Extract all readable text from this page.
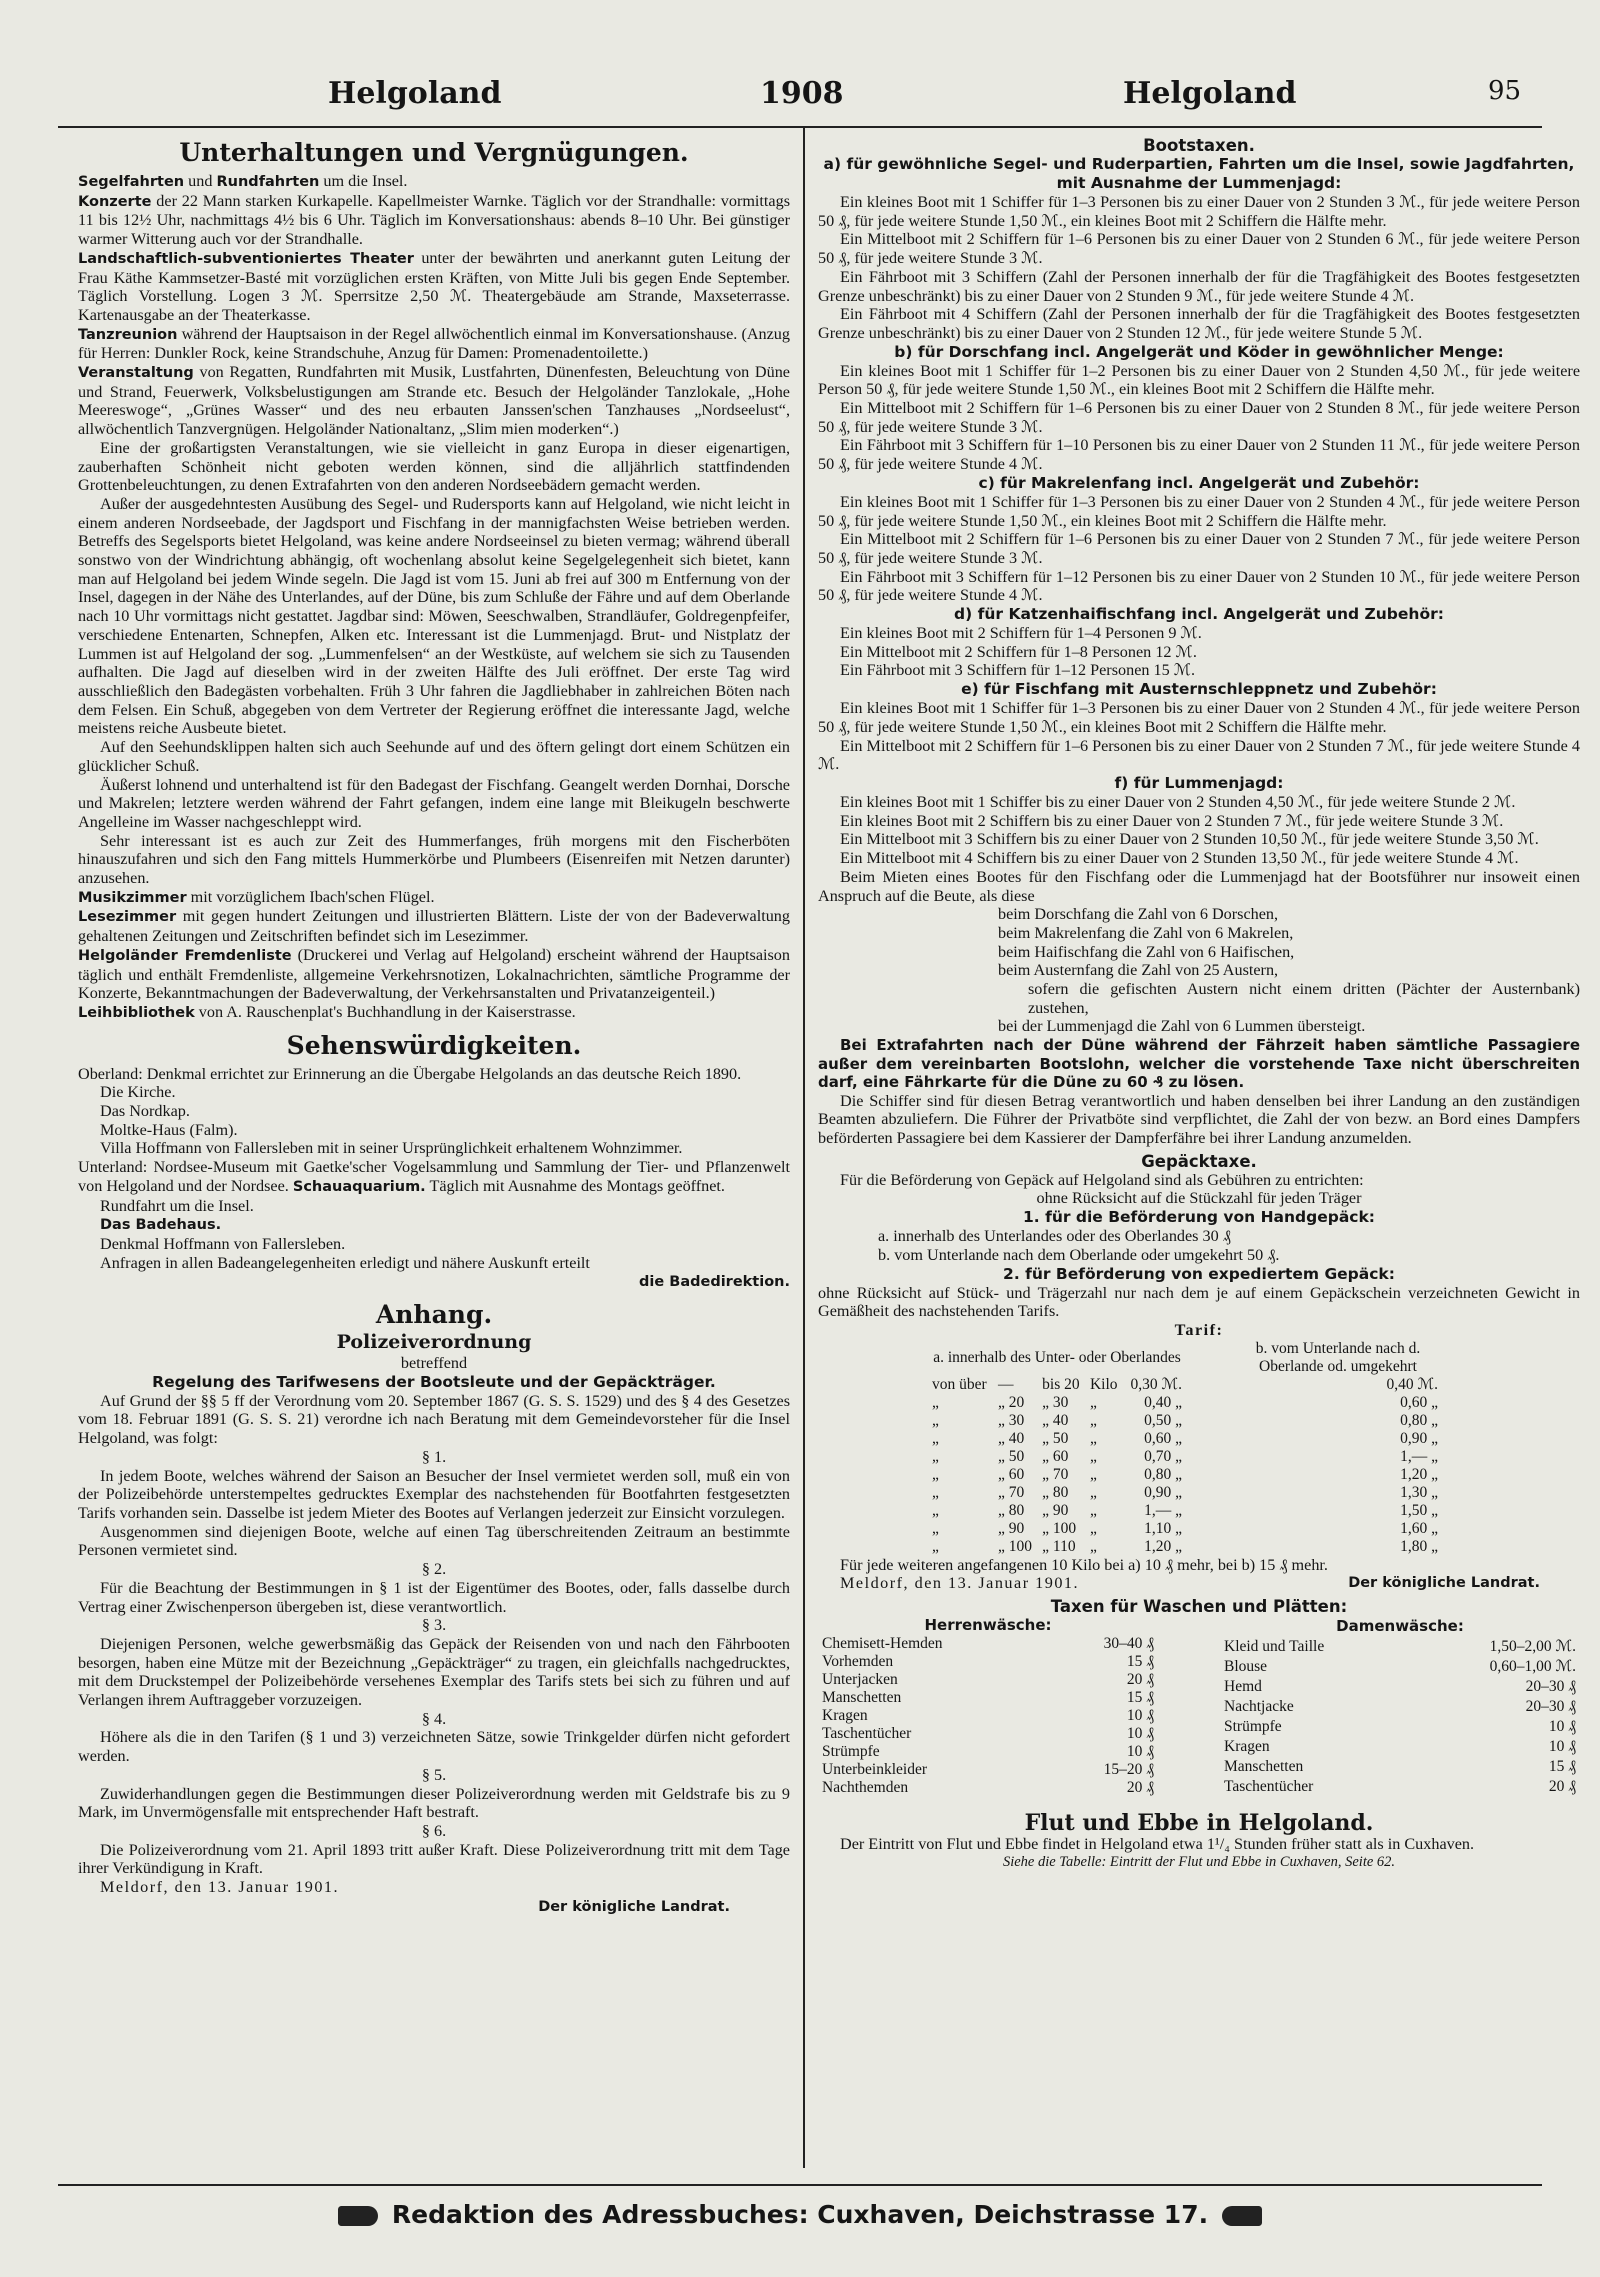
Helgoland	1908	Helgoland	95
Unterhaltungen und Vergnügungen.

Segelfahrten und Rundfahrten um die Insel.

Konzerte der 22 Mann starken Kurkapelle. Kapellmeister Warnke. Täglich vor der Strandhalle: vormittags 11 bis 12½ Uhr, nachmittags 4½ bis 6 Uhr. Täglich im Konversationshaus: abends 8–10 Uhr. Bei günstiger warmer Witterung auch vor der Strandhalle.

Landschaftlich-subventioniertes Theater unter der bewährten und anerkannt guten Leitung der Frau Käthe Kammsetzer-Basté mit vorzüglichen ersten Kräften, von Mitte Juli bis gegen Ende September. Täglich Vorstellung. Logen 3 ℳ. Sperrsitze 2,50 ℳ. Theatergebäude am Strande, Maxseterrasse. Kartenausgabe an der Theaterkasse.

Tanzreunion während der Hauptsaison in der Regel allwöchentlich einmal im Konversationshause. (Anzug für Herren: Dunkler Rock, keine Strandschuhe, Anzug für Damen: Promenadentoilette.)

Veranstaltung von Regatten, Rundfahrten mit Musik, Lustfahrten, Dünenfesten, Beleuchtung von Düne und Strand, Feuerwerk, Volksbelustigungen am Strande etc. Besuch der Helgoländer Tanzlokale, „Hohe Meereswoge“, „Grünes Wasser“ und des neu erbauten Janssen'schen Tanzhauses „Nordseelust“, allwöchentlich Tanzvergnügen. Helgoländer Nationaltanz, „Slim mien moderken“.)

Eine der großartigsten Veranstaltungen, wie sie vielleicht in ganz Europa in dieser eigenartigen, zauberhaften Schönheit nicht geboten werden können, sind die alljährlich stattfindenden Grottenbeleuchtungen, zu denen Extrafahrten von den anderen Nordseebädern gemacht werden.

Außer der ausgedehntesten Ausübung des Segel- und Rudersports kann auf Helgoland, wie nicht leicht in einem anderen Nordseebade, der Jagdsport und Fischfang in der mannigfachsten Weise betrieben werden. Betreffs des Segelsports bietet Helgoland, was keine andere Nordseeinsel zu bieten vermag; während überall sonstwo von der Windrichtung abhängig, oft wochenlang absolut keine Segelgelegenheit sich bietet, kann man auf Helgoland bei jedem Winde segeln. Die Jagd ist vom 15. Juni ab frei auf 300 m Entfernung von der Insel, dagegen in der Nähe des Unterlandes, auf der Düne, bis zum Schluße der Fähre und auf dem Oberlande nach 10 Uhr vormittags nicht gestattet. Jagdbar sind: Möwen, Seeschwalben, Strandläufer, Goldregenpfeifer, verschiedene Entenarten, Schnepfen, Alken etc. Interessant ist die Lummenjagd. Brut- und Nistplatz der Lummen ist auf Helgoland der sog. „Lummenfelsen“ an der Westküste, auf welchem sie sich zu Tausenden aufhalten. Die Jagd auf dieselben wird in der zweiten Hälfte des Juli eröffnet. Der erste Tag wird ausschließlich den Badegästen vorbehalten. Früh 3 Uhr fahren die Jagdliebhaber in zahlreichen Böten nach dem Felsen. Ein Schuß, abgegeben von dem Vertreter der Regierung eröffnet die interessante Jagd, welche meistens reiche Ausbeute bietet.

Auf den Seehundsklippen halten sich auch Seehunde auf und des öftern gelingt dort einem Schützen ein glücklicher Schuß.

Äußerst lohnend und unterhaltend ist für den Badegast der Fischfang. Geangelt werden Dornhai, Dorsche und Makrelen; letztere werden während der Fahrt gefangen, indem eine lange mit Bleikugeln beschwerte Angelleine im Wasser nachgeschleppt wird.

Sehr interessant ist es auch zur Zeit des Hummerfanges, früh morgens mit den Fischerböten hinauszufahren und sich den Fang mittels Hummerkörbe und Plumbeers (Eisenreifen mit Netzen darunter) anzusehen.

Musikzimmer mit vorzüglichem Ibach'schen Flügel.

Lesezimmer mit gegen hundert Zeitungen und illustrierten Blättern. Liste der von der Badeverwaltung gehaltenen Zeitungen und Zeitschriften befindet sich im Lesezimmer.

Helgoländer Fremdenliste (Druckerei und Verlag auf Helgoland) erscheint während der Hauptsaison täglich und enthält Fremdenliste, allgemeine Verkehrsnotizen, Lokalnachrichten, sämtliche Programme der Konzerte, Bekanntmachungen der Badeverwaltung, der Verkehrsanstalten und Privatanzeigenteil.)

Leihbibliothek von A. Rauschenplat's Buchhandlung in der Kaiserstrasse.

Sehenswürdigkeiten.

Oberland: Denkmal errichtet zur Erinnerung an die Übergabe Helgolands an das deutsche Reich 1890.

Die Kirche.

Das Nordkap.

Moltke-Haus (Falm).

Villa Hoffmann von Fallersleben mit in seiner Ursprünglichkeit erhaltenem Wohnzimmer.

Unterland: Nordsee-Museum mit Gaetke'scher Vogelsammlung und Sammlung der Tier- und Pflanzenwelt von Helgoland und der Nordsee. Schauaquarium. Täglich mit Ausnahme des Montags geöffnet.

Rundfahrt um die Insel.

Das Badehaus.

Denkmal Hoffmann von Fallersleben.

Anfragen in allen Badeangelegenheiten erledigt und nähere Auskunft erteilt

die Badedirektion.

Anhang.
Polizeiverordnung

betreffend

Regelung des Tarifwesens der Bootsleute und der Gepäckträger.

Auf Grund der §§ 5 ff der Verordnung vom 20. September 1867 (G. S. S. 1529) und des § 4 des Gesetzes vom 18. Februar 1891 (G. S. S. 21) verordne ich nach Beratung mit dem Gemeindevorsteher für die Insel Helgoland, was folgt:

§ 1.

In jedem Boote, welches während der Saison an Besucher der Insel vermietet werden soll, muß ein von der Polizeibehörde unterstempeltes gedrucktes Exemplar des nachstehenden für Bootfahrten festgesetzten Tarifs vorhanden sein. Dasselbe ist jedem Mieter des Bootes auf Verlangen jederzeit zur Einsicht vorzulegen.

Ausgenommen sind diejenigen Boote, welche auf einen Tag überschreitenden Zeitraum an bestimmte Personen vermietet sind.

§ 2.

Für die Beachtung der Bestimmungen in § 1 ist der Eigentümer des Bootes, oder, falls dasselbe durch Vertrag einer Zwischenperson übergeben ist, diese verantwortlich.

§ 3.

Diejenigen Personen, welche gewerbsmäßig das Gepäck der Reisenden von und nach den Fährbooten besorgen, haben eine Mütze mit der Bezeichnung „Gepäckträger“ zu tragen, ein gleichfalls nachgedrucktes, mit dem Druckstempel der Polizeibehörde versehenes Exemplar des Tarifs stets bei sich zu führen und auf Verlangen ihrem Auftraggeber vorzuzeigen.

§ 4.

Höhere als die in den Tarifen (§ 1 und 3) verzeichneten Sätze, sowie Trinkgelder dürfen nicht gefordert werden.

§ 5.

Zuwiderhandlungen gegen die Bestimmungen dieser Polizeiverordnung werden mit Geldstrafe bis zu 9 Mark, im Unvermögensfalle mit entsprechender Haft bestraft.

§ 6.

Die Polizeiverordnung vom 21. April 1893 tritt außer Kraft. Diese Polizeiverordnung tritt mit dem Tage ihrer Verkündigung in Kraft.

Meldorf, den 13. Januar 1901.

Der königliche Landrat.

Bootstaxen.
a) für gewöhnliche Segel- und Ruderpartien, Fahrten um die Insel, sowie Jagdfahrten, mit Ausnahme der Lummenjagd:

Ein kleines Boot mit 1 Schiffer für 1–3 Personen bis zu einer Dauer von 2 Stunden 3 ℳ., für jede weitere Person 50 ₰, für jede weitere Stunde 1,50 ℳ., ein kleines Boot mit 2 Schiffern die Hälfte mehr.

Ein Mittelboot mit 2 Schiffern für 1–6 Personen bis zu einer Dauer von 2 Stunden 6 ℳ., für jede weitere Person 50 ₰, für jede weitere Stunde 3 ℳ.

Ein Fährboot mit 3 Schiffern (Zahl der Personen innerhalb der für die Tragfähigkeit des Bootes festgesetzten Grenze unbeschränkt) bis zu einer Dauer von 2 Stunden 9 ℳ., für jede weitere Stunde 4 ℳ.

Ein Fährboot mit 4 Schiffern (Zahl der Personen innerhalb der für die Tragfähigkeit des Bootes festgesetzten Grenze unbeschränkt) bis zu einer Dauer von 2 Stunden 12 ℳ., für jede weitere Stunde 5 ℳ.

b) für Dorschfang incl. Angelgerät und Köder in gewöhnlicher Menge:

Ein kleines Boot mit 1 Schiffer für 1–2 Personen bis zu einer Dauer von 2 Stunden 4,50 ℳ., für jede weitere Person 50 ₰, für jede weitere Stunde 1,50 ℳ., ein kleines Boot mit 2 Schiffern die Hälfte mehr.

Ein Mittelboot mit 2 Schiffern für 1–6 Personen bis zu einer Dauer von 2 Stunden 8 ℳ., für jede weitere Person 50 ₰, für jede weitere Stunde 3 ℳ.

Ein Fährboot mit 3 Schiffern für 1–10 Personen bis zu einer Dauer von 2 Stunden 11 ℳ., für jede weitere Person 50 ₰, für jede weitere Stunde 4 ℳ.

c) für Makrelenfang incl. Angelgerät und Zubehör:

Ein kleines Boot mit 1 Schiffer für 1–3 Personen bis zu einer Dauer von 2 Stunden 4 ℳ., für jede weitere Person 50 ₰, für jede weitere Stunde 1,50 ℳ., ein kleines Boot mit 2 Schiffern die Hälfte mehr.

Ein Mittelboot mit 2 Schiffern für 1–6 Personen bis zu einer Dauer von 2 Stunden 7 ℳ., für jede weitere Person 50 ₰, für jede weitere Stunde 3 ℳ.

Ein Fährboot mit 3 Schiffern für 1–12 Personen bis zu einer Dauer von 2 Stunden 10 ℳ., für jede weitere Person 50 ₰, für jede weitere Stunde 4 ℳ.

d) für Katzenhaifischfang incl. Angelgerät und Zubehör:

Ein kleines Boot mit 2 Schiffern für 1–4 Personen 9 ℳ.

Ein Mittelboot mit 2 Schiffern für 1–8 Personen 12 ℳ.

Ein Fährboot mit 3 Schiffern für 1–12 Personen 15 ℳ.

e) für Fischfang mit Austernschleppnetz und Zubehör:

Ein kleines Boot mit 1 Schiffer für 1–3 Personen bis zu einer Dauer von 2 Stunden 4 ℳ., für jede weitere Person 50 ₰, für jede weitere Stunde 1,50 ℳ., ein kleines Boot mit 2 Schiffern die Hälfte mehr.

Ein Mittelboot mit 2 Schiffern für 1–6 Personen bis zu einer Dauer von 2 Stunden 7 ℳ., für jede weitere Stunde 4 ℳ.

f) für Lummenjagd:

Ein kleines Boot mit 1 Schiffer bis zu einer Dauer von 2 Stunden 4,50 ℳ., für jede weitere Stunde 2 ℳ.

Ein kleines Boot mit 2 Schiffern bis zu einer Dauer von 2 Stunden 7 ℳ., für jede weitere Stunde 3 ℳ.

Ein Mittelboot mit 3 Schiffern bis zu einer Dauer von 2 Stunden 10,50 ℳ., für jede weitere Stunde 3,50 ℳ.

Ein Mittelboot mit 4 Schiffern bis zu einer Dauer von 2 Stunden 13,50 ℳ., für jede weitere Stunde 4 ℳ.

Beim Mieten eines Bootes für den Fischfang oder die Lummenjagd hat der Bootsführer nur insoweit einen Anspruch auf die Beute, als diese

beim Dorschfang die Zahl von 6 Dorschen,

beim Makrelenfang die Zahl von 6 Makrelen,

beim Haifischfang die Zahl von 6 Haifischen,

beim Austernfang die Zahl von 25 Austern,

sofern die gefischten Austern nicht einem dritten (Pächter der Austernbank) zustehen,

bei der Lummenjagd die Zahl von 6 Lummen übersteigt.

Bei Extrafahrten nach der Düne während der Fährzeit haben sämtliche Passagiere außer dem vereinbarten Bootslohn, welcher die vorstehende Taxe nicht überschreiten darf, eine Fährkarte für die Düne zu 60 ₰ zu lösen.

Die Schiffer sind für diesen Betrag verantwortlich und haben denselben bei ihrer Landung an den zuständigen Beamten abzuliefern. Die Führer der Privatböte sind verpflichtet, die Zahl der von bezw. an Bord eines Dampfers beförderten Passagiere bei dem Kassierer der Dampferfähre bei ihrer Landung anzumelden.

Gepäcktaxe.

Für die Beförderung von Gepäck auf Helgoland sind als Gebühren zu entrichten:

ohne Rücksicht auf die Stückzahl für jeden Träger

1. für die Beförderung von Handgepäck:

a. innerhalb des Unterlandes oder des Oberlandes 30 ₰

b. vom Unterlande nach dem Oberlande oder umgekehrt 50 ₰.

2. für Beförderung von expediertem Gepäck:

ohne Rücksicht auf Stück- und Trägerzahl nur nach dem je auf einem Gepäckschein verzeichneten Gewicht in Gemäßheit des nachstehenden Tarifs.

Tarif:

a. innerhalb des Unter- oder Oberlandes						b. vom Unterlande nach d. Oberlande od. umgekehrt
von über	—	bis 20	Kilo	0,30 ℳ.		0,40 ℳ.
„	„ 20	„ 30	„	0,40 „		0,60 „
„	„ 30	„ 40	„	0,50 „		0,80 „
„	„ 40	„ 50	„	0,60 „		0,90 „
„	„ 50	„ 60	„	0,70 „		1,— „
„	„ 60	„ 70	„	0,80 „		1,20 „
„	„ 70	„ 80	„	0,90 „		1,30 „
„	„ 80	„ 90	„	1,— „		1,50 „
„	„ 90	„ 100	„	1,10 „		1,60 „
„	„ 100	„ 110	„	1,20 „		1,80 „

Für jede weiteren angefangenen 10 Kilo bei a) 10 ₰ mehr, bei b) 15 ₰ mehr.

Meldorf, den 13. Januar 1901.	Der königliche Landrat.

Taxen für Waschen und Plätten:
Herrenwäsche:	
Chemisett-Hemden	30–40 ₰
Vorhemden	15 ₰
Unterjacken	20 ₰
Manschetten	15 ₰
Kragen	10 ₰
Taschentücher	10 ₰
Strümpfe	10 ₰
Unterbeinkleider	15–20 ₰
Nachthemden	20 ₰
Damenwäsche:	
Kleid und Taille	1,50–2,00 ℳ.
Blouse	0,60–1,00 ℳ.
Hemd	20–30 ₰
Nachtjacke	20–30 ₰
Strümpfe	10 ₰
Kragen	10 ₰
Manschetten	15 ₰
Taschentücher	20 ₰
Flut und Ebbe in Helgoland.

Der Eintritt von Flut und Ebbe findet in Helgoland etwa 1¹/₄ Stunden früher statt als in Cuxhaven.

Siehe die Tabelle: Eintritt der Flut und Ebbe in Cuxhaven, Seite 62.

Redaktion des Adressbuches: Cuxhaven, Deichstrasse 17.
